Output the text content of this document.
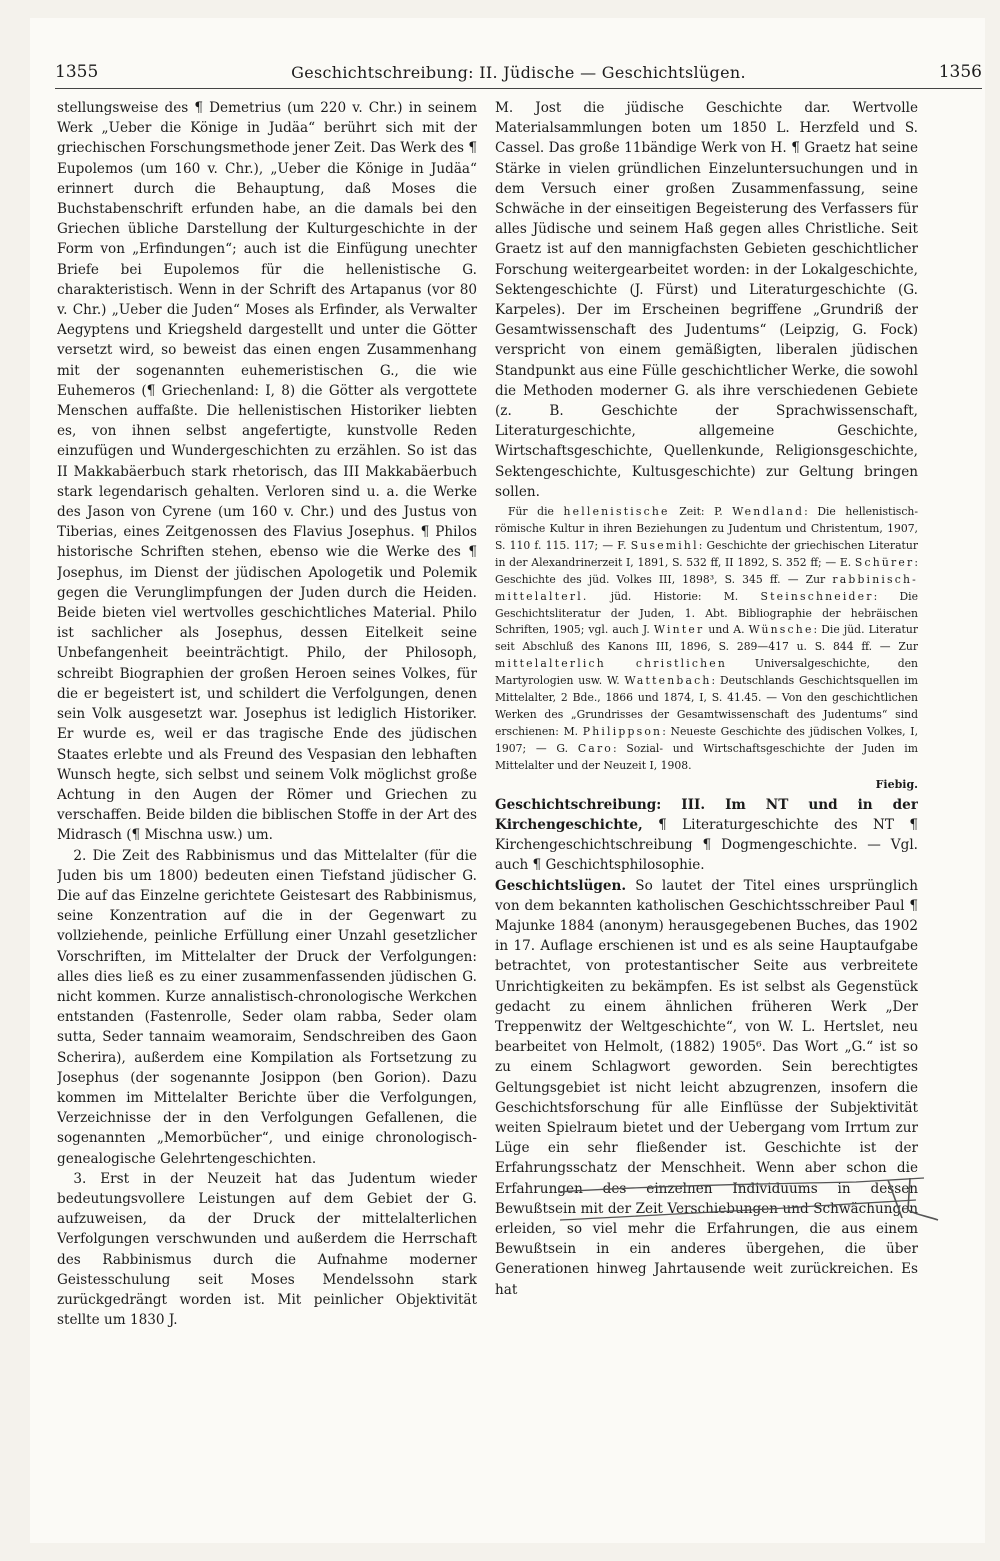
1355	Geschichtschreibung: II. Jüdische — Geschichtslügen.	1356

stellungsweise des ¶ Demetrius (um 220 v. Chr.) in seinem Werk „Ueber die Könige in Judäa“ berührt sich mit der griechischen Forschungsmethode jener Zeit. Das Werk des ¶ Eupolemos (um 160 v. Chr.), „Ueber die Könige in Judäa“ erinnert durch die Behauptung, daß Moses die Buchstabenschrift erfunden habe, an die damals bei den Griechen übliche Darstellung der Kulturgeschichte in der Form von „Erfindungen“; auch ist die Einfügung unechter Briefe bei Eupolemos für die hellenistische G. charakteristisch. Wenn in der Schrift des Artapanus (vor 80 v. Chr.) „Ueber die Juden“ Moses als Erfinder, als Verwalter Aegyptens und Kriegsheld dargestellt und unter die Götter versetzt wird, so beweist das einen engen Zusammenhang mit der sogenannten euhemeristischen G., die wie Euhemeros (¶ Griechenland: I, 8) die Götter als vergottete Menschen auffaßte. Die hellenistischen Historiker liebten es, von ihnen selbst angefertigte, kunstvolle Reden einzufügen und Wundergeschichten zu erzählen. So ist das II Makkabäerbuch stark rhetorisch, das III Makkabäerbuch stark legendarisch gehalten. Verloren sind u. a. die Werke des Jason von Cyrene (um 160 v. Chr.) und des Justus von Tiberias, eines Zeitgenossen des Flavius Josephus. ¶ Philos historische Schriften stehen, ebenso wie die Werke des ¶ Josephus, im Dienst der jüdischen Apologetik und Polemik gegen die Verunglimpfungen der Juden durch die Heiden. Beide bieten viel wertvolles geschichtliches Material. Philo ist sachlicher als Josephus, dessen Eitelkeit seine Unbefangenheit beeinträchtigt. Philo, der Philosoph, schreibt Biographien der großen Heroen seines Volkes, für die er begeistert ist, und schildert die Verfolgungen, denen sein Volk ausgesetzt war. Josephus ist lediglich Historiker. Er wurde es, weil er das tragische Ende des jüdischen Staates erlebte und als Freund des Vespasian den lebhaften Wunsch hegte, sich selbst und seinem Volk möglichst große Achtung in den Augen der Römer und Griechen zu verschaffen. Beide bilden die biblischen Stoffe in der Art des Midrasch (¶ Mischna usw.) um.

2. Die Zeit des Rabbinismus und das Mittelalter (für die Juden bis um 1800) bedeuten einen Tiefstand jüdischer G. Die auf das Einzelne gerichtete Geistesart des Rabbinismus, seine Konzentration auf die in der Gegenwart zu vollziehende, peinliche Erfüllung einer Unzahl gesetzlicher Vorschriften, im Mittelalter der Druck der Verfolgungen: alles dies ließ es zu einer zusammenfassenden jüdischen G. nicht kommen. Kurze annalistisch-chronologische Werkchen entstanden (Fastenrolle, Seder olam rabba, Seder olam sutta, Seder tannaim weamoraim, Sendschreiben des Gaon Scherira), außerdem eine Kompilation als Fortsetzung zu Josephus (der sogenannte Josippon (ben Gorion). Dazu kommen im Mittelalter Berichte über die Verfolgungen, Verzeichnisse der in den Verfolgungen Gefallenen, die sogenannten „Memorbücher“, und einige chronologisch-genealogische Gelehrtengeschichten.

3. Erst in der Neuzeit hat das Judentum wieder bedeutungsvollere Leistungen auf dem Gebiet der G. aufzuweisen, da der Druck der mittelalterlichen Verfolgungen verschwunden und außerdem die Herrschaft des Rabbinismus durch die Aufnahme moderner Geistesschulung seit Moses Mendelssohn stark zurückgedrängt worden ist. Mit peinlicher Objektivität stellte um 1830 J.

M. Jost die jüdische Geschichte dar. Wertvolle Materialsammlungen boten um 1850 L. Herzfeld und S. Cassel. Das große 11bändige Werk von H. ¶ Graetz hat seine Stärke in vielen gründlichen Einzeluntersuchungen und in dem Versuch einer großen Zusammenfassung, seine Schwäche in der einseitigen Begeisterung des Verfassers für alles Jüdische und seinem Haß gegen alles Christliche. Seit Graetz ist auf den mannigfachsten Gebieten geschichtlicher Forschung weitergearbeitet worden: in der Lokalgeschichte, Sektengeschichte (J. Fürst) und Literaturgeschichte (G. Karpeles). Der im Erscheinen begriffene „Grundriß der Gesamtwissenschaft des Judentums“ (Leipzig, G. Fock) verspricht von einem gemäßigten, liberalen jüdischen Standpunkt aus eine Fülle geschichtlicher Werke, die sowohl die Methoden moderner G. als ihre verschiedenen Gebiete (z. B. Geschichte der Sprachwissenschaft, Literaturgeschichte, allgemeine Geschichte, Wirtschaftsgeschichte, Quellenkunde, Religionsgeschichte, Sektengeschichte, Kultusgeschichte) zur Geltung bringen sollen.

Für die hellenistische Zeit: P. Wendland: Die hellenistisch-römische Kultur in ihren Beziehungen zu Judentum und Christentum, 1907, S. 110 f. 115. 117; — F. Susemihl: Geschichte der griechischen Literatur in der Alexandrinerzeit I, 1891, S. 532 ff, II 1892, S. 352 ff; — E. Schürer: Geschichte des jüd. Volkes III, 1898³, S. 345 ff. — Zur rabbinisch-mittelalterl. jüd. Historie: M. Steinschneider: Die Geschichtsliteratur der Juden, 1. Abt. Bibliographie der hebräischen Schriften, 1905; vgl. auch J. Winter und A. Wünsche: Die jüd. Literatur seit Abschluß des Kanons III, 1896, S. 289—417 u. S. 844 ff. — Zur mittelalterlich christlichen Universalgeschichte, den Martyrologien usw. W. Wattenbach: Deutschlands Geschichtsquellen im Mittelalter, 2 Bde., 1866 und 1874, I, S. 41.45. — Von den geschichtlichen Werken des „Grundrisses der Gesamtwissenschaft des Judentums“ sind erschienen: M. Philippson: Neueste Geschichte des jüdischen Volkes, I, 1907; — G. Caro: Sozial- und Wirtschaftsgeschichte der Juden im Mittelalter und der Neuzeit I, 1908.

Fiebig.

Geschichtschreibung: III. Im NT und in der Kirchengeschichte, ¶ Literaturgeschichte des NT ¶ Kirchengeschichtschreibung ¶ Dogmengeschichte. — Vgl. auch ¶ Geschichtsphilosophie.

Geschichtslügen. So lautet der Titel eines ursprünglich von dem bekannten katholischen Geschichtsschreiber Paul ¶ Majunke 1884 (anonym) herausgegebenen Buches, das 1902 in 17. Auflage erschienen ist und es als seine Hauptaufgabe betrachtet, von protestantischer Seite aus verbreitete Unrichtigkeiten zu bekämpfen. Es ist selbst als Gegenstück gedacht zu einem ähnlichen früheren Werk „Der Treppenwitz der Weltgeschichte“, von W. L. Hertslet, neu bearbeitet von Helmolt, (1882) 1905⁶. Das Wort „G.“ ist so zu einem Schlagwort geworden. Sein berechtigtes Geltungsgebiet ist nicht leicht abzugrenzen, insofern die Geschichtsforschung für alle Einflüsse der Subjektivität weiten Spielraum bietet und der Uebergang vom Irrtum zur Lüge ein sehr fließender ist. Geschichte ist der Erfahrungsschatz der Menschheit. Wenn aber schon die Erfahrungen des einzelnen Individuums in dessen Bewußtsein mit der Zeit Verschiebungen und Schwächungen erleiden, so viel mehr die Erfahrungen, die aus einem Bewußtsein in ein anderes übergehen, die über Generationen hinweg Jahrtausende weit zurückreichen. Es hat
